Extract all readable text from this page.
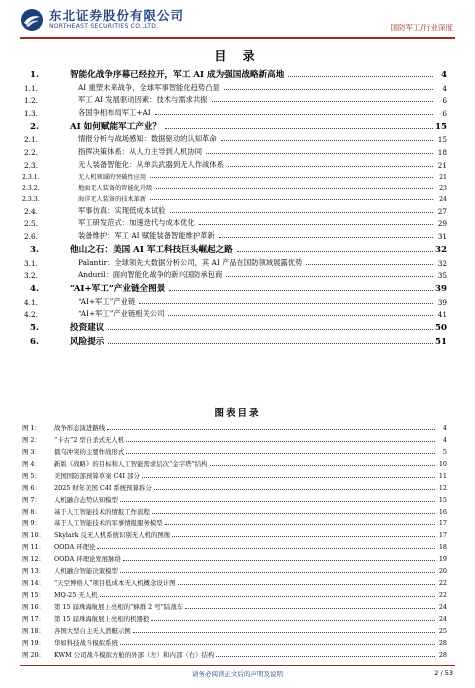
东北证券股份有限公司
NORTHEAST SECURITIES CO.,LTD.	国防军工/行业深度
目 录
1.	智能化战争序幕已经拉开，军工 AI 成为强国战略新高地	4
1.1.	AI 重塑未来战争，全球军事智能化趋势凸显	4
1.2.	军工 AI 发展驱动因素：技术与需求共振	6
1.3.	各国争相布局军工+AI	6
2.	AI 如何赋能军工产业？	15
2.1.	情报分析与战场感知：数据驱动的认知革命	15
2.2.	指挥决策体系：从人力主导到人机协同	18
2.3.	无人装备智能化：从单兵武器到无人作战体系	21
2.3.1.	无人机领域的突破性应用	21
2.3.2.	地面无人装备的智能化升级	23
2.3.3.	海洋无人装备的技术革新	24
2.4.	军事仿真：实现低成本试验	27
2.5.	军工研发范式：加速迭代与成本优化	29
2.6.	装备维护：军工 AI 赋能装备智能维护革新	31
3.	他山之石：美国 AI 军工科技巨头崛起之路	32
3.1.	Palantir：全球领先大数据分析公司，其 AI 产品在国防领域展露优势	32
3.2.	Anduril：面向智能化战争的新兴国防承包商	35
4.	“AI+军工”产业链全图景	39
4.1.	“AI+军工”产业链	39
4.2.	“AI+军工”产业链相关公司	41
5.	投资建议	50
6.	风险提示	51
图表目录
图 1：	战争形态演进路线	4
图 2：	“卡古”2 型自杀式无人机	4
图 3：	俄乌冲突的主要作战形式	5
图 4：	新版《战略》的目标和人工智能需求层次“金字塔”结构	10
图 5：	美国国防部预算草案 C4I 部分	11
图 6：	2025 财年美国 C4I 系统预算拆分	12
图 7：	人机融合态势认知模型	15
图 8：	基于人工智能技术的情报工作流程	16
图 9：	基于人工智能技术的军事情报服务模型	17
图 10：	Skylark 反无人机系统识别无人机的图像	17
图 11：	OODA 环理论	18
图 12：	OODA 环理论发展脉络	19
图 13：	人机融合智能决策模型	20
图 14：	“天空博格人”项目低成本无人机概念设计图	22
图 15：	MQ-25 无人机	22
图 16：	第 15 届珠海航展上亮相的“蜂群 2 号”陆战车	24
图 17：	第 15 届珠海航展上亮相的机器狼	24
图 18：	各国大型自主无人潜艇示例	25
图 19：	华如科技战斗模拟系统	28
图 20：	KWM 公司战斗模拟方舱的外部（左）和内部（右）结构	28
请务必阅读正文后的声明及说明	2 / 53
